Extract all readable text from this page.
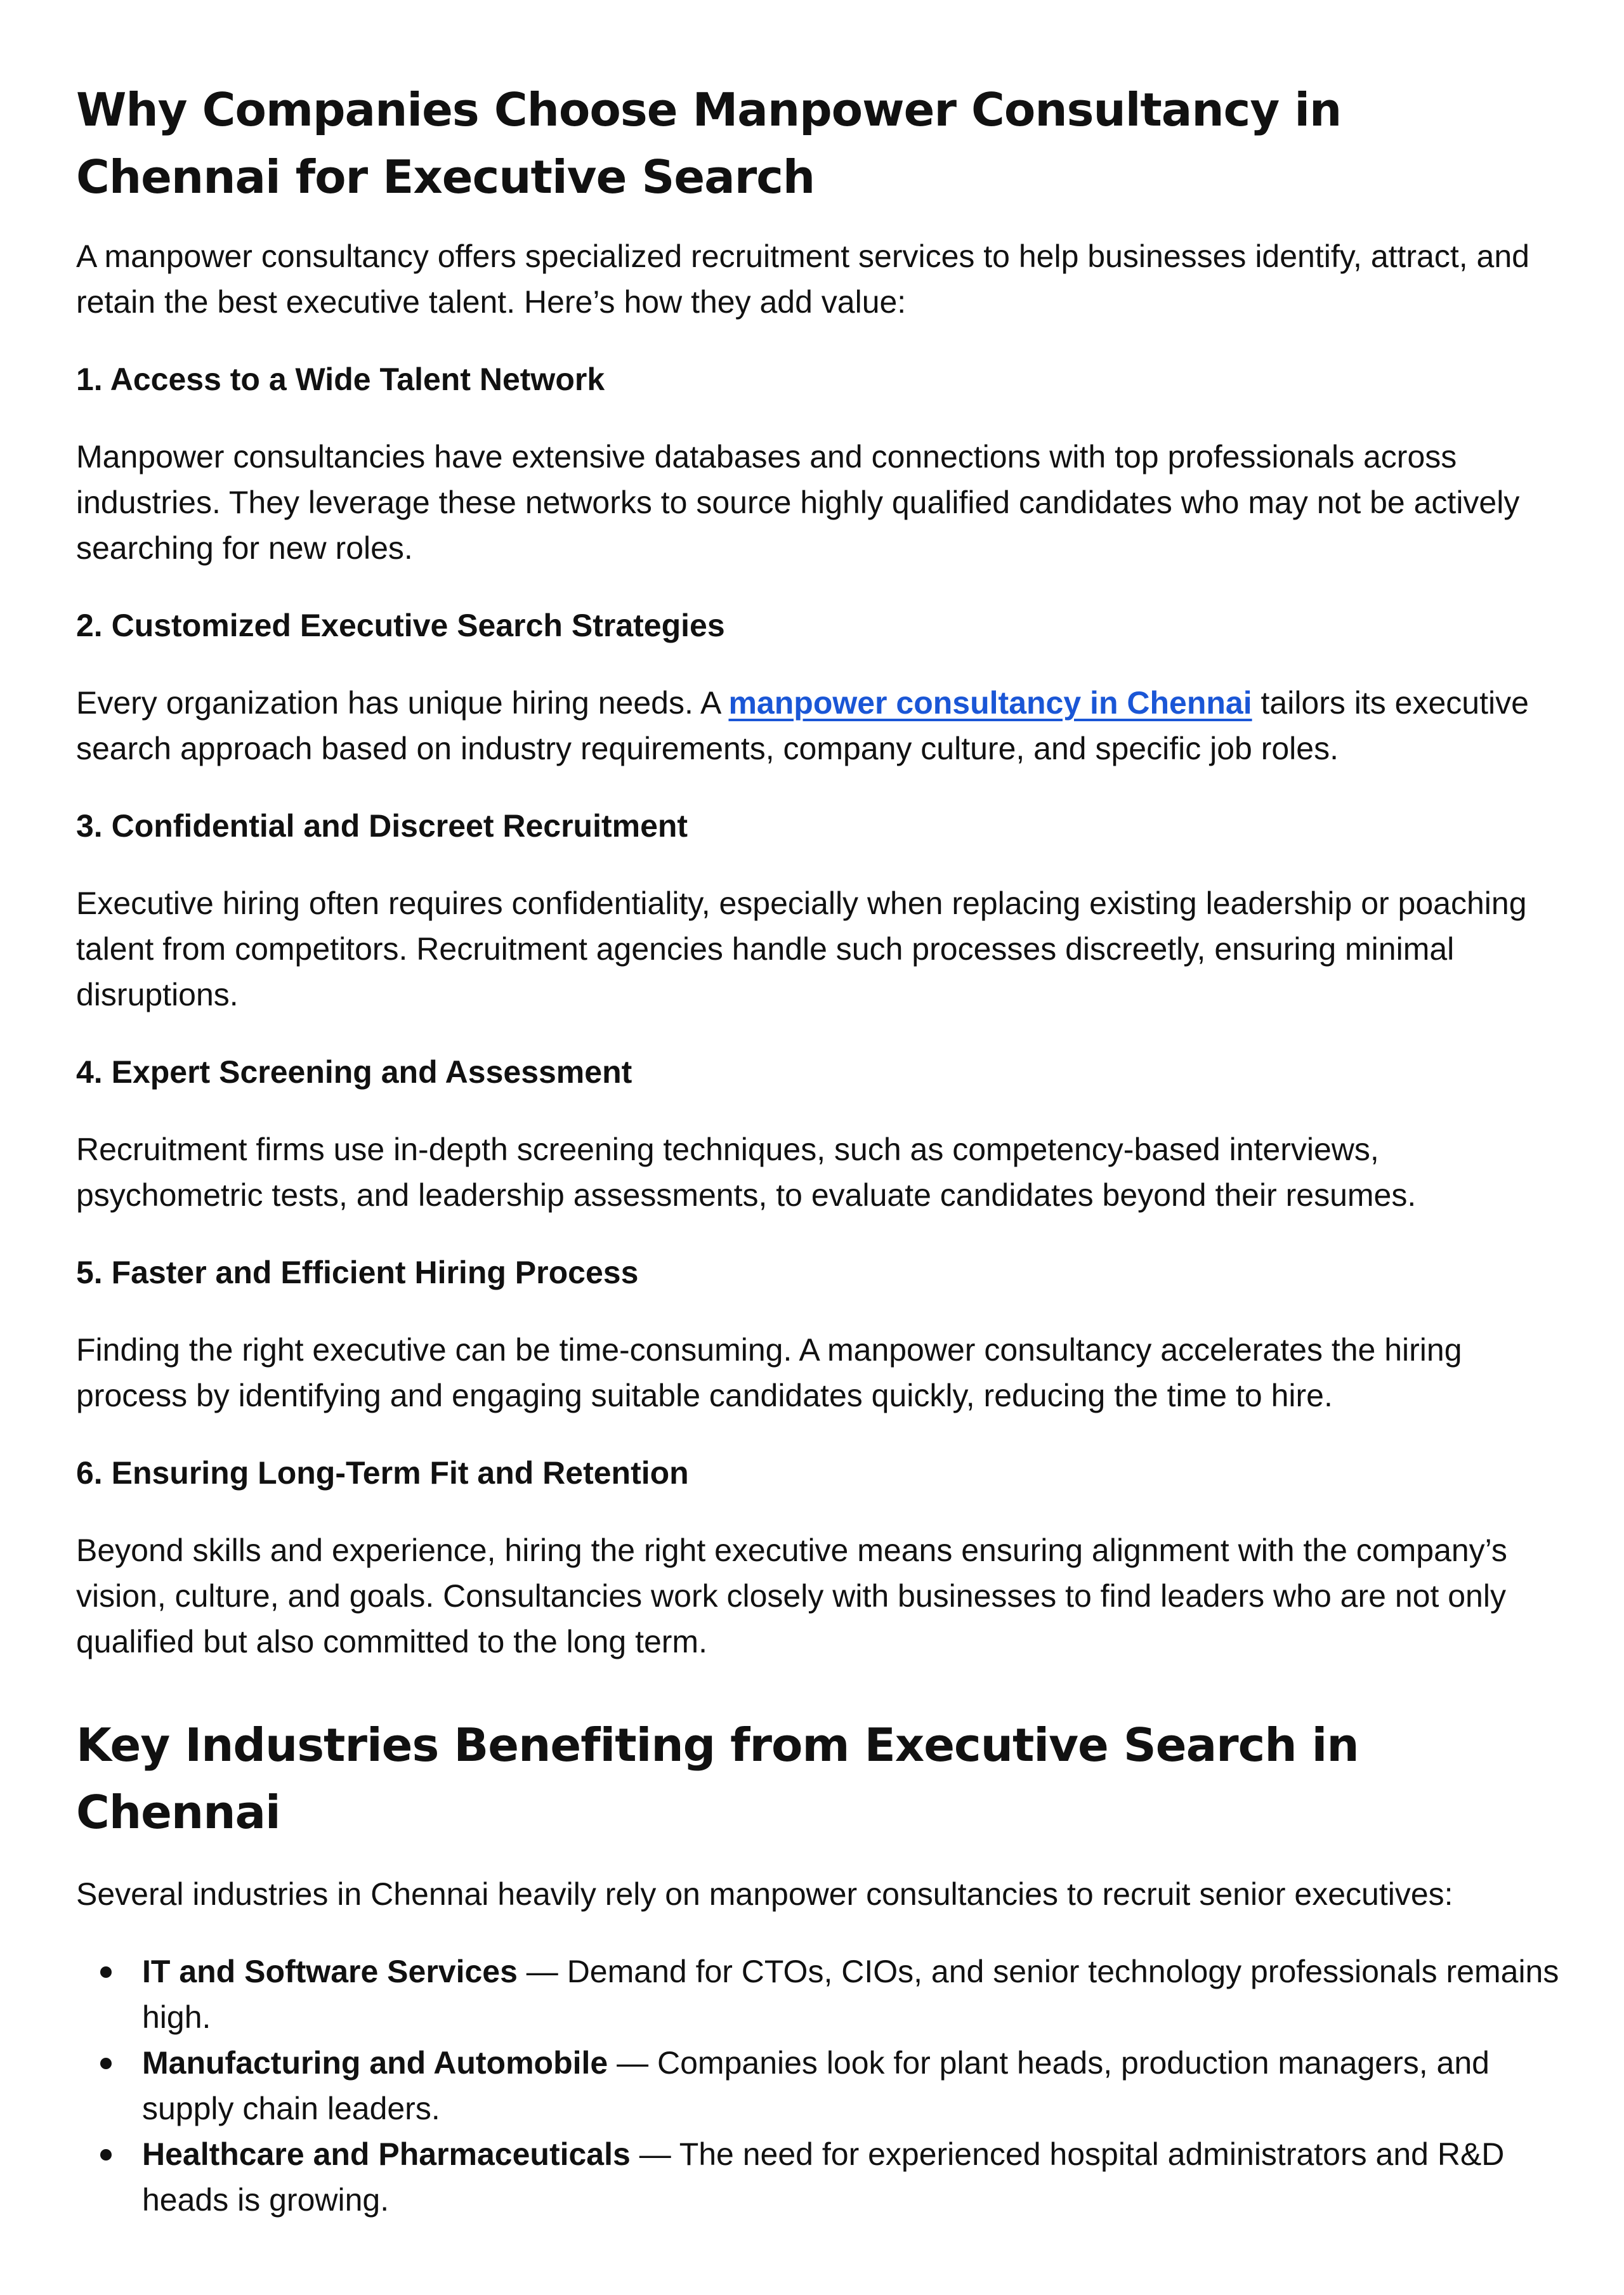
Why Companies Choose Manpower Consultancy in Chennai for Executive Search

A manpower consultancy offers specialized recruitment services to help businesses identify, attract, and retain the best executive talent. Here’s how they add value:

1. Access to a Wide Talent Network

Manpower consultancies have extensive databases and connections with top professionals across industries. They leverage these networks to source highly qualified candidates who may not be actively searching for new roles.

2. Customized Executive Search Strategies

Every organization has unique hiring needs. A manpower consultancy in Chennai tailors its executive search approach based on industry requirements, company culture, and specific job roles.

3. Confidential and Discreet Recruitment

Executive hiring often requires confidentiality, especially when replacing existing leadership or poaching talent from competitors. Recruitment agencies handle such processes discreetly, ensuring minimal disruptions.

4. Expert Screening and Assessment

Recruitment firms use in-depth screening techniques, such as competency-based interviews, psychometric tests, and leadership assessments, to evaluate candidates beyond their resumes.

5. Faster and Efficient Hiring Process

Finding the right executive can be time-consuming. A manpower consultancy accelerates the hiring process by identifying and engaging suitable candidates quickly, reducing the time to hire.

6. Ensuring Long-Term Fit and Retention

Beyond skills and experience, hiring the right executive means ensuring alignment with the company’s vision, culture, and goals. Consultancies work closely with businesses to find leaders who are not only qualified but also committed to the long term.

Key Industries Benefiting from Executive Search in Chennai

Several industries in Chennai heavily rely on manpower consultancies to recruit senior executives:

IT and Software Services — Demand for CTOs, CIOs, and senior technology professionals remains high.
Manufacturing and Automobile — Companies look for plant heads, production managers, and supply chain leaders.
Healthcare and Pharmaceuticals — The need for experienced hospital administrators and R&D heads is growing.
